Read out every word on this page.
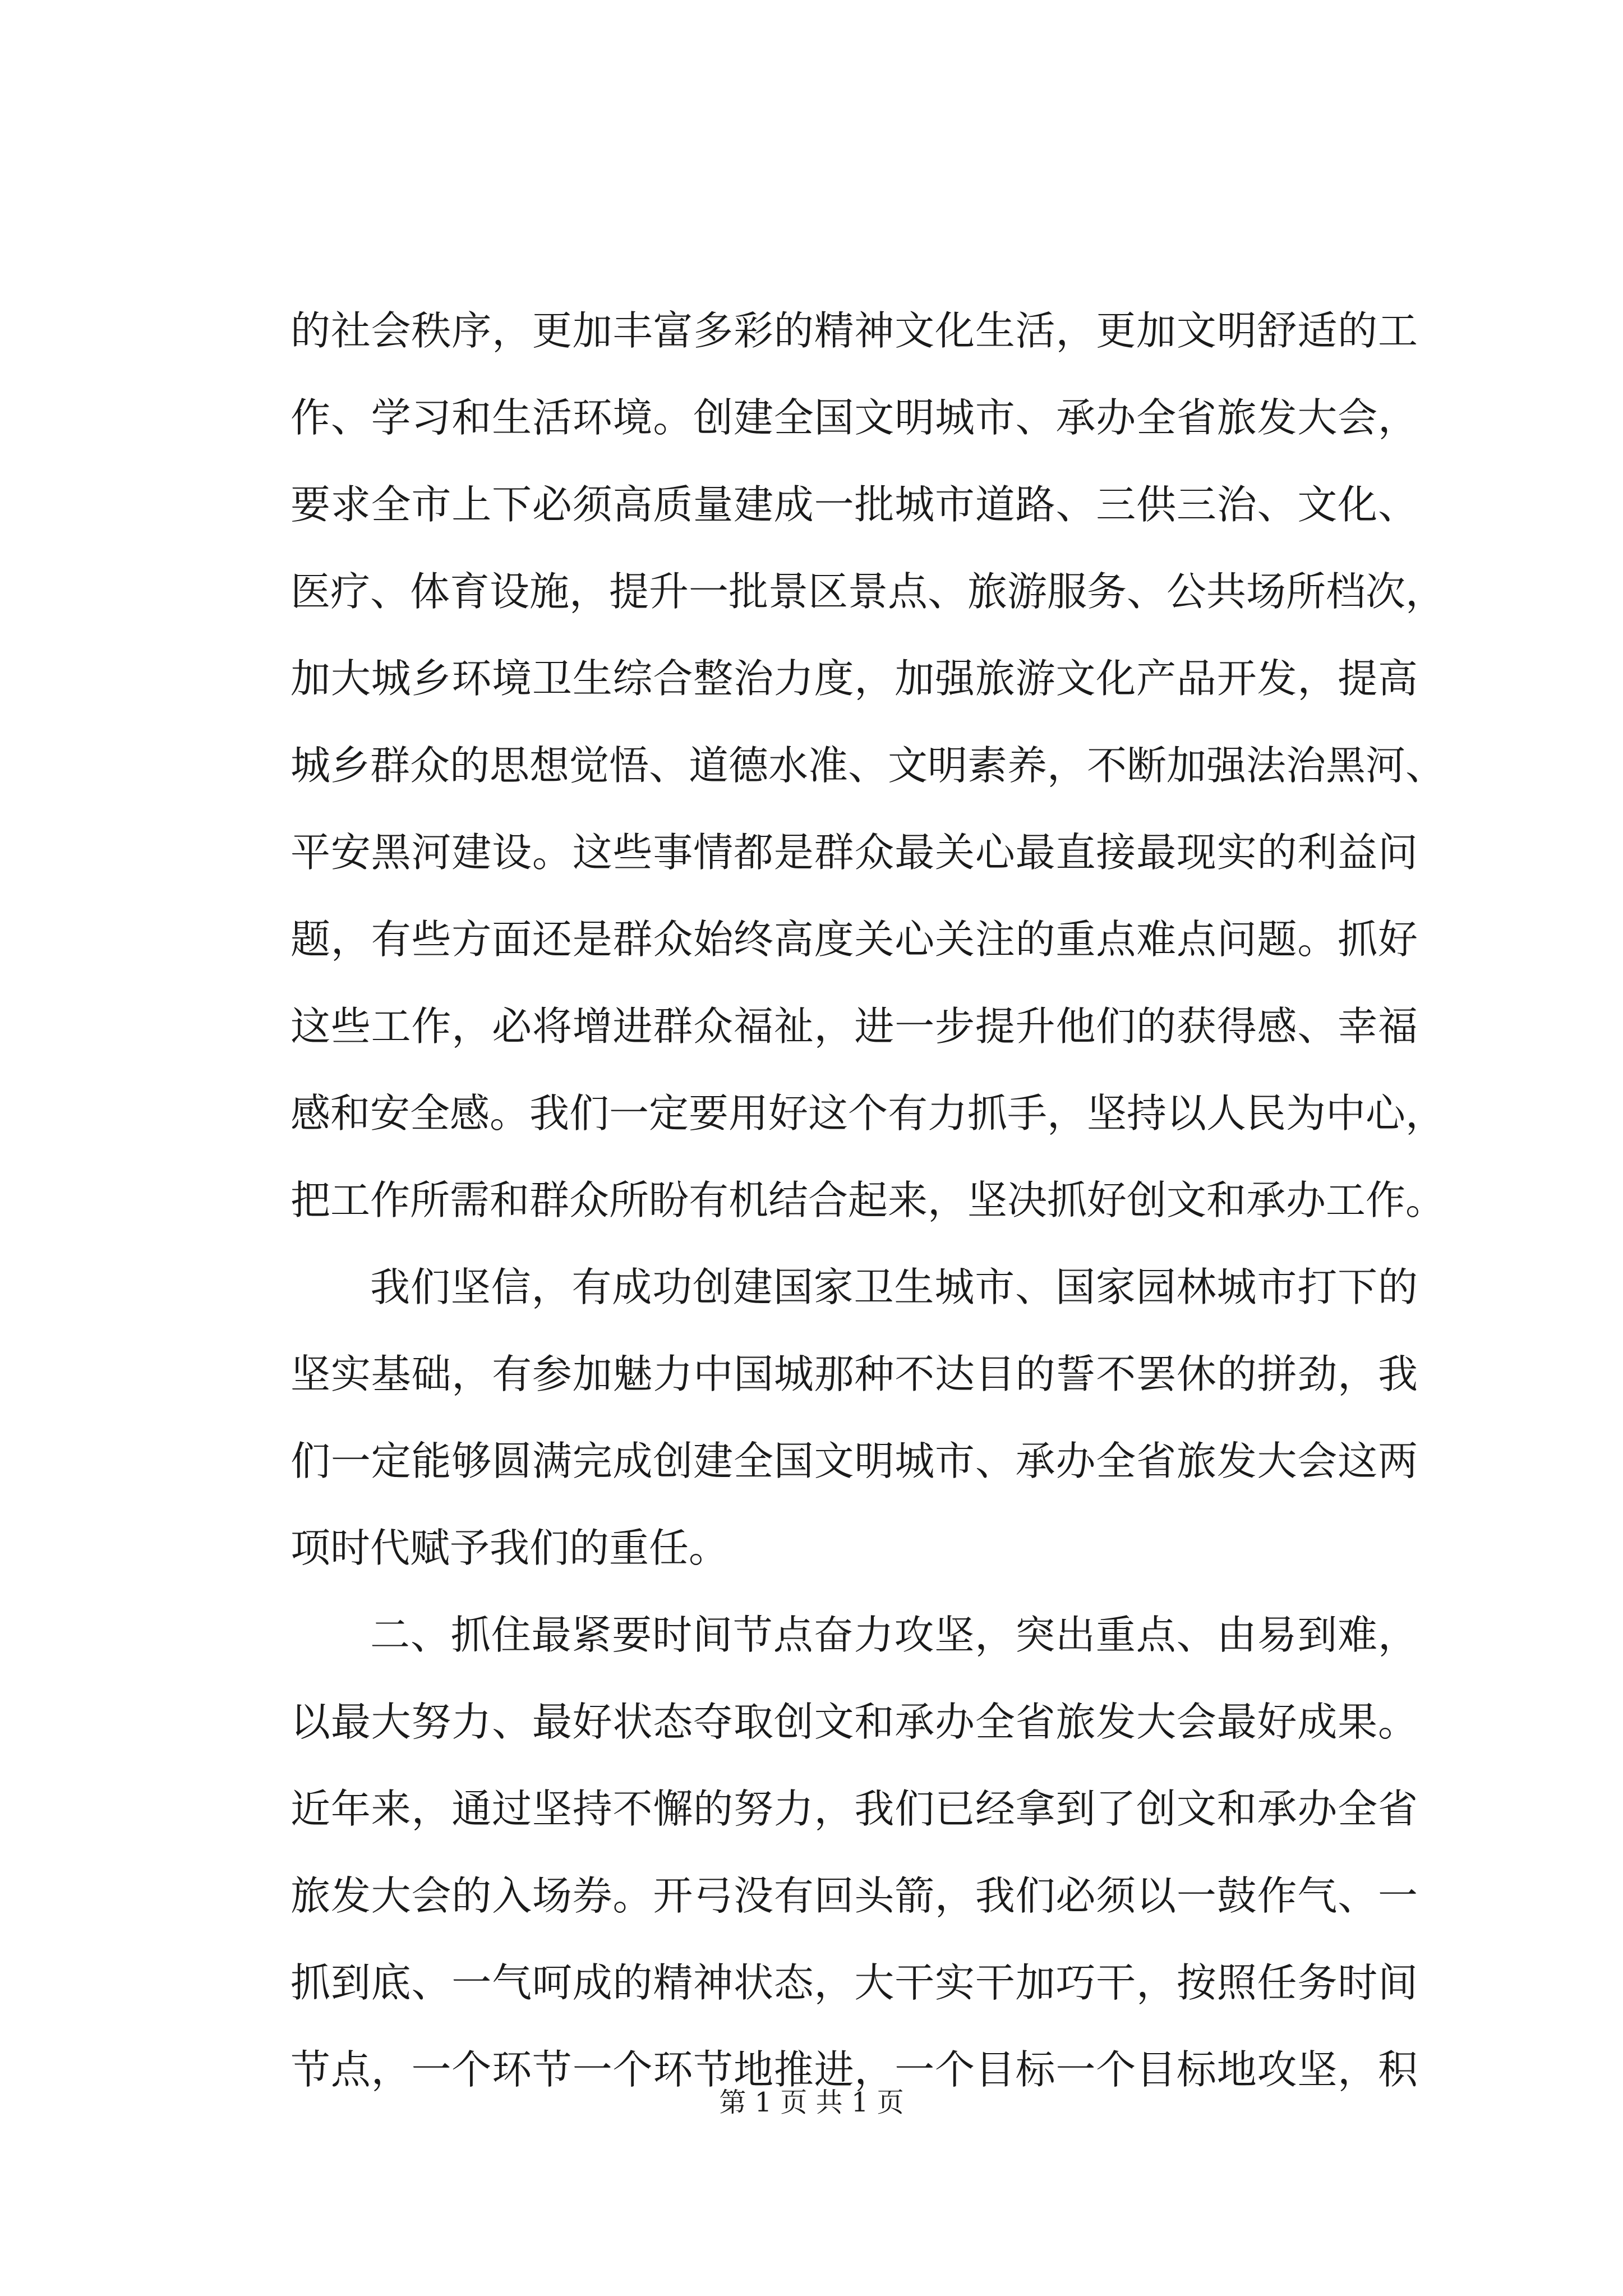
的社会秩序，更加丰富多彩的精神文化生活，更加文明舒适的工
作、学习和生活环境。创建全国文明城市、承办全省旅发大会，
要求全市上下必须高质量建成一批城市道路、三供三治、文化、
医疗、体育设施，提升一批景区景点、旅游服务、公共场所档次，
加大城乡环境卫生综合整治力度，加强旅游文化产品开发，提高
城乡群众的思想觉悟、道德水准、文明素养，不断加强法治黑河、
平安黑河建设。这些事情都是群众最关心最直接最现实的利益问
题，有些方面还是群众始终高度关心关注的重点难点问题。抓好
这些工作，必将增进群众福祉，进一步提升他们的获得感、幸福
感和安全感。我们一定要用好这个有力抓手，坚持以人民为中心，
把工作所需和群众所盼有机结合起来，坚决抓好创文和承办工作。
我们坚信，有成功创建国家卫生城市、国家园林城市打下的
坚实基础，有参加魅力中国城那种不达目的誓不罢休的拼劲，我
们一定能够圆满完成创建全国文明城市、承办全省旅发大会这两
项时代赋予我们的重任。
二、抓住最紧要时间节点奋力攻坚，突出重点、由易到难，
以最大努力、最好状态夺取创文和承办全省旅发大会最好成果。
近年来，通过坚持不懈的努力，我们已经拿到了创文和承办全省
旅发大会的入场券。开弓没有回头箭，我们必须以一鼓作气、一
抓到底、一气呵成的精神状态，大干实干加巧干，按照任务时间
节点，一个环节一个环节地推进，一个目标一个目标地攻坚，积
第 1 页 共 1 页
